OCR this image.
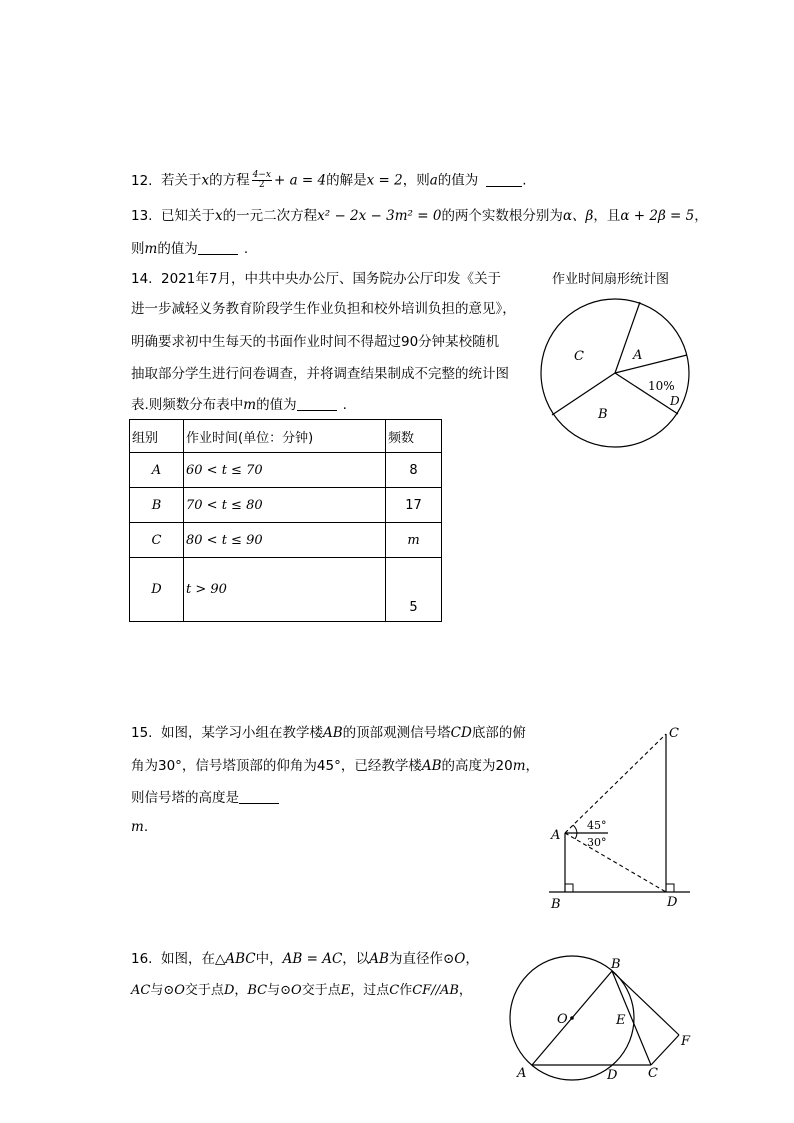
12. 若关于x的方程 $\frac{4-x}{2} + a = 4$的解是x = 2，则a的值为	.
13. 已知关于x的一元二次方程x² − 2x − 3m² = 0的两个实数根分别为α、β，且α + 2β = 5，
则m的值为	.
14. 2021年7月，中共中央办公厅、国务院办公厅印发《关于
进一步减轻义务教育阶段学生作业负担和校外培训负担的意见》，
明确要求初中生每天的书面作业时间不得超过90分钟某校随机
抽取部分学生进行问卷调查，并将调查结果制成不完整的统计图
表.则频数分布表中m的值为	.
作业时间扇形统计图
C	A
10%
D
B
组别	作业时间(单位：分钟)	频数
A	60 < t ≤ 70	8
B	70 < t ≤ 80	17
C	80 < t ≤ 90	m
D	t > 90	5
15. 如图，某学习小组在教学楼AB的顶部观测信号塔CD底部的俯
角为30°，信号塔顶部的仰角为45°，已经教学楼AB的高度为20m，
则信号塔的高度是
m.	45°
30°
A
B
C
D
16. 如图，在△ABC中，AB = AC，以AB为直径作⊙O，
AC与⊙O交于点D，BC与⊙O交于点E，过点C作CF//AB，
O
A
B
C
D
E
F
